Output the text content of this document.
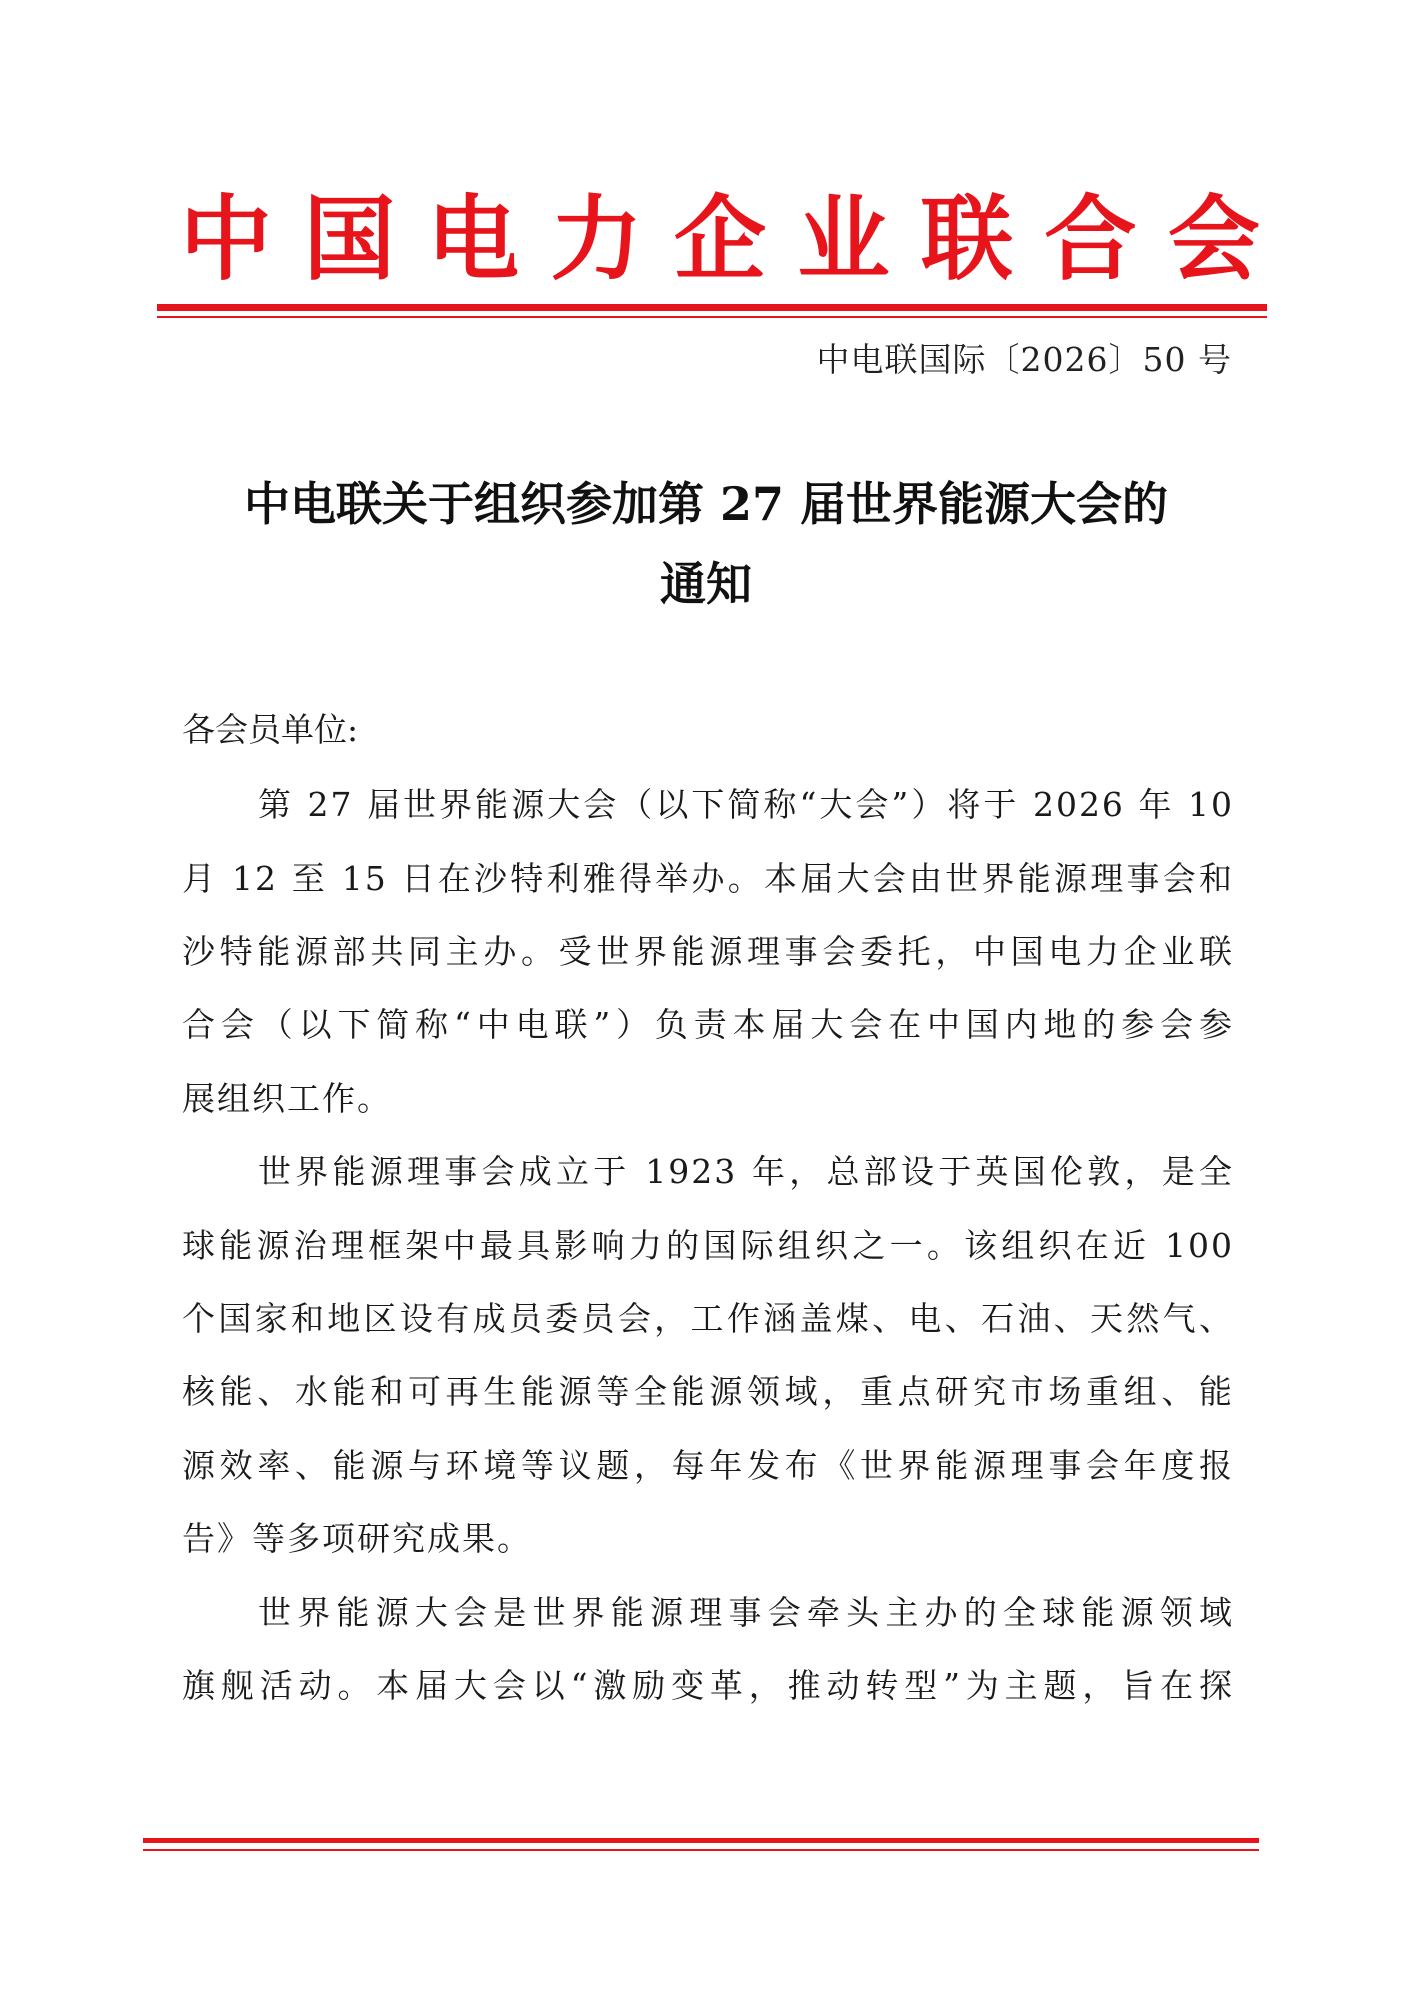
中 国 电 力 企 业 联 合 会
中电联国际〔2026〕50 号
中电联关于组织参加第 27 届世界能源大会的
通知
各会员单位:
第 27 届世界能源大会（以下简称“大会”）将于 2026 年 10
月 12 至 15 日在沙特利雅得举办。本届大会由世界能源理事会和
沙特能源部共同主办。受世界能源理事会委托，中国电力企业联
合会（以下简称“中电联”）负责本届大会在中国内地的参会参
展组织工作。
世界能源理事会成立于 1923 年，总部设于英国伦敦，是全
球能源治理框架中最具影响力的国际组织之一。该组织在近 100
个国家和地区设有成员委员会，工作涵盖煤、电、石油、天然气、
核能、水能和可再生能源等全能源领域，重点研究市场重组、能
源效率、能源与环境等议题，每年发布《世界能源理事会年度报
告》等多项研究成果。
世界能源大会是世界能源理事会牵头主办的全球能源领域
旗舰活动。本届大会以“激励变革，推动转型”为主题，旨在探
